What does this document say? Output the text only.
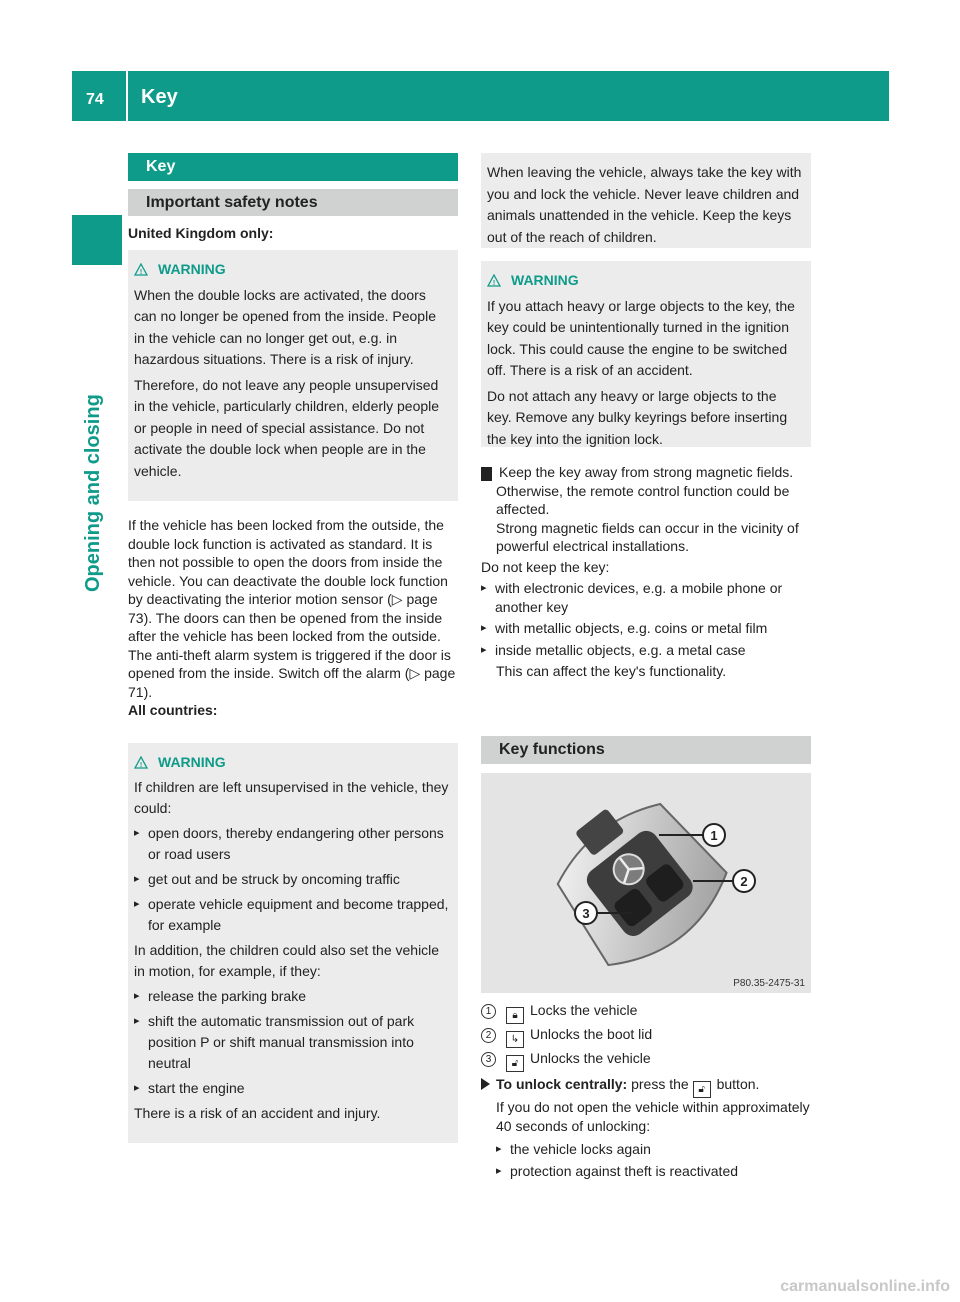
74 Key
Opening and closing
Key
Important safety notes
United Kingdom only:
! WARNING

When the double locks are activated, the doors can no longer be opened from the inside. People in the vehicle can no longer get out, e.g. in hazardous situations. There is a risk of injury.

Therefore, do not leave any people unsupervised in the vehicle, particularly children, elderly people or people in need of special assistance. Do not activate the double lock when people are in the vehicle.

If the vehicle has been locked from the outside, the double lock function is activated as standard. It is then not possible to open the doors from inside the vehicle. You can deactivate the double lock function by deactivating the interior motion sensor (▷ page 73). The doors can then be opened from the inside after the vehicle has been locked from the outside. The anti-theft alarm system is triggered if the door is opened from the inside. Switch off the alarm (▷ page 71).

All countries:

! WARNING

If children are left unsupervised in the vehicle, they could:

▸ open doors, thereby endangering other persons or road users

▸ get out and be struck by oncoming traffic

▸ operate vehicle equipment and become trapped, for example

In addition, the children could also set the vehicle in motion, for example, if they:

▸ release the parking brake

▸ shift the automatic transmission out of park position P or shift manual transmission into neutral

▸ start the engine

There is a risk of an accident and injury.

When leaving the vehicle, always take the key with you and lock the vehicle. Never leave children and animals unattended in the vehicle. Keep the keys out of the reach of children.

! WARNING

If you attach heavy or large objects to the key, the key could be unintentionally turned in the ignition lock. This could cause the engine to be switched off. There is a risk of an accident.

Do not attach any heavy or large objects to the key. Remove any bulky keyrings before inserting the key into the ignition lock.

! Keep the key away from strong magnetic fields. Otherwise, the remote control function could be affected.

Strong magnetic fields can occur in the vicinity of powerful electrical installations.

Do not keep the key:

▸ with electronic devices, e.g. a mobile phone or another key

▸ with metallic objects, e.g. coins or metal film

▸ inside metallic objects, e.g. a metal case

This can affect the key's functionality.

Key functions
1
2
3
P80.35-2475-31

1 🔒︎ Locks the vehicle

2 ↳ Unlocks the boot lid

3 🔓︎ Unlocks the vehicle

To unlock centrally: press the 🔓︎ button.

If you do not open the vehicle within approximately 40 seconds of unlocking:

▸ the vehicle locks again

▸ protection against theft is reactivated

carmanualsonline.info
